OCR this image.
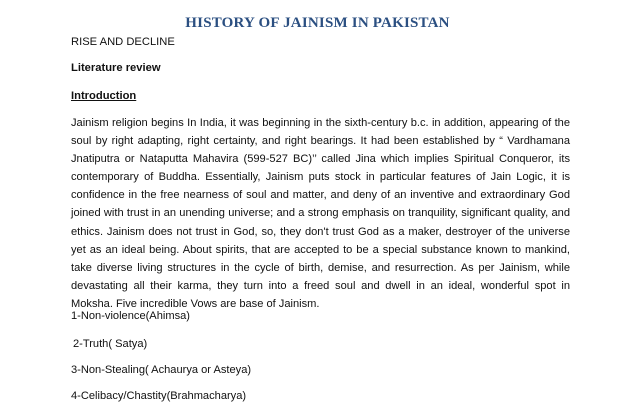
HISTORY OF JAINISM IN PAKISTAN
RISE AND DECLINE
Literature review
Introduction

Jainism religion begins In India, it was beginning in the sixth-century b.c. in addition, appearing of the soul by right adapting, right certainty, and right bearings. It had been established by “ Vardhamana Jnatiputra or Nataputta Mahavira (599-527 BC)’’ called Jina which implies Spiritual Conqueror, its contemporary of Buddha. Essentially, Jainism puts stock in particular features of Jain Logic, it is confidence in the free nearness of soul and matter, and deny of an inventive and extraordinary God joined with trust in an unending universe; and a strong emphasis on tranquility, significant quality, and ethics. Jainism does not trust in God, so, they don't trust God as a maker, destroyer of the universe yet as an ideal being. About spirits, that are accepted to be a special substance known to mankind, take diverse living structures in the cycle of birth, demise, and resurrection. As per Jainism, while devastating all their karma, they turn into a freed soul and dwell in an ideal, wonderful spot in Moksha. Five incredible Vows are base of Jainism.

1-Non-violence(Ahimsa)
2-Truth( Satya)
3-Non-Stealing( Achaurya or Asteya)
4-Celibacy/Chastity(Brahmacharya)
